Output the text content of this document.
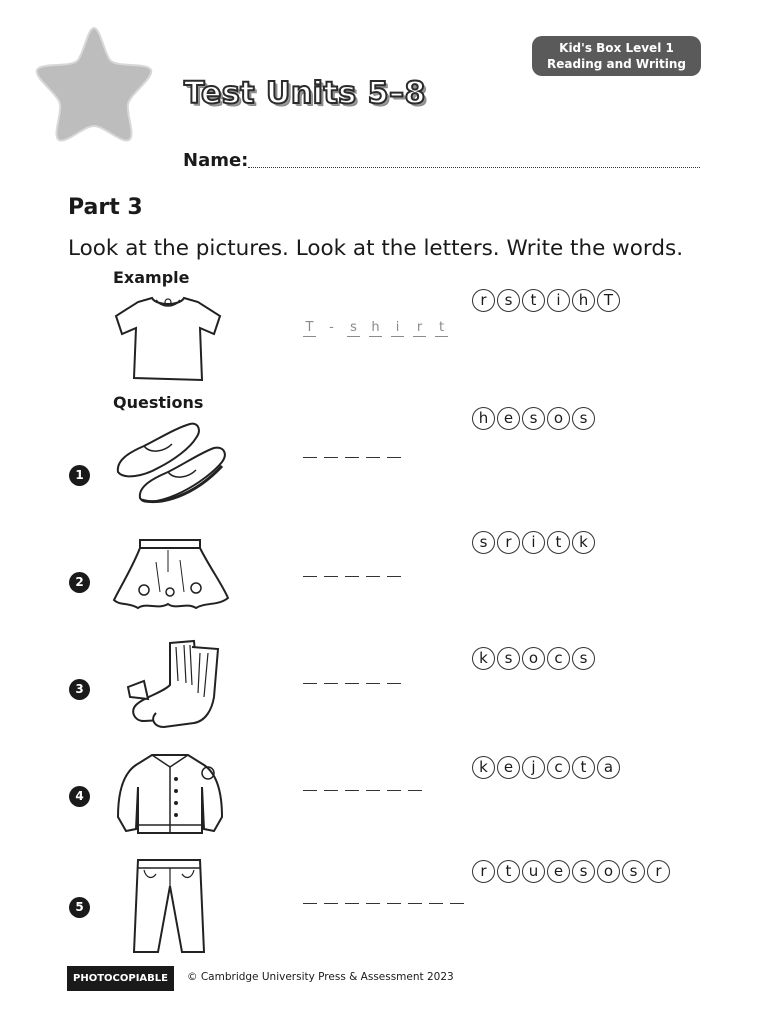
Kid's Box Level 1
Reading and Writing
Test Units 5–8
Name:
Part 3
Look at the pictures. Look at the letters. Write the words.
Example
Questions
r	s	t	i	h	T
T	-	s h	i	r	t
1
h	e	s	o	s
2
s	r	i	t	k
3
k	s	o	c	s
4
k	e	j	c	t	a
5
r	t	u	e	s	o	s	r
PHOTOCOPIABLE	© Cambridge University Press & Assessment 2023
